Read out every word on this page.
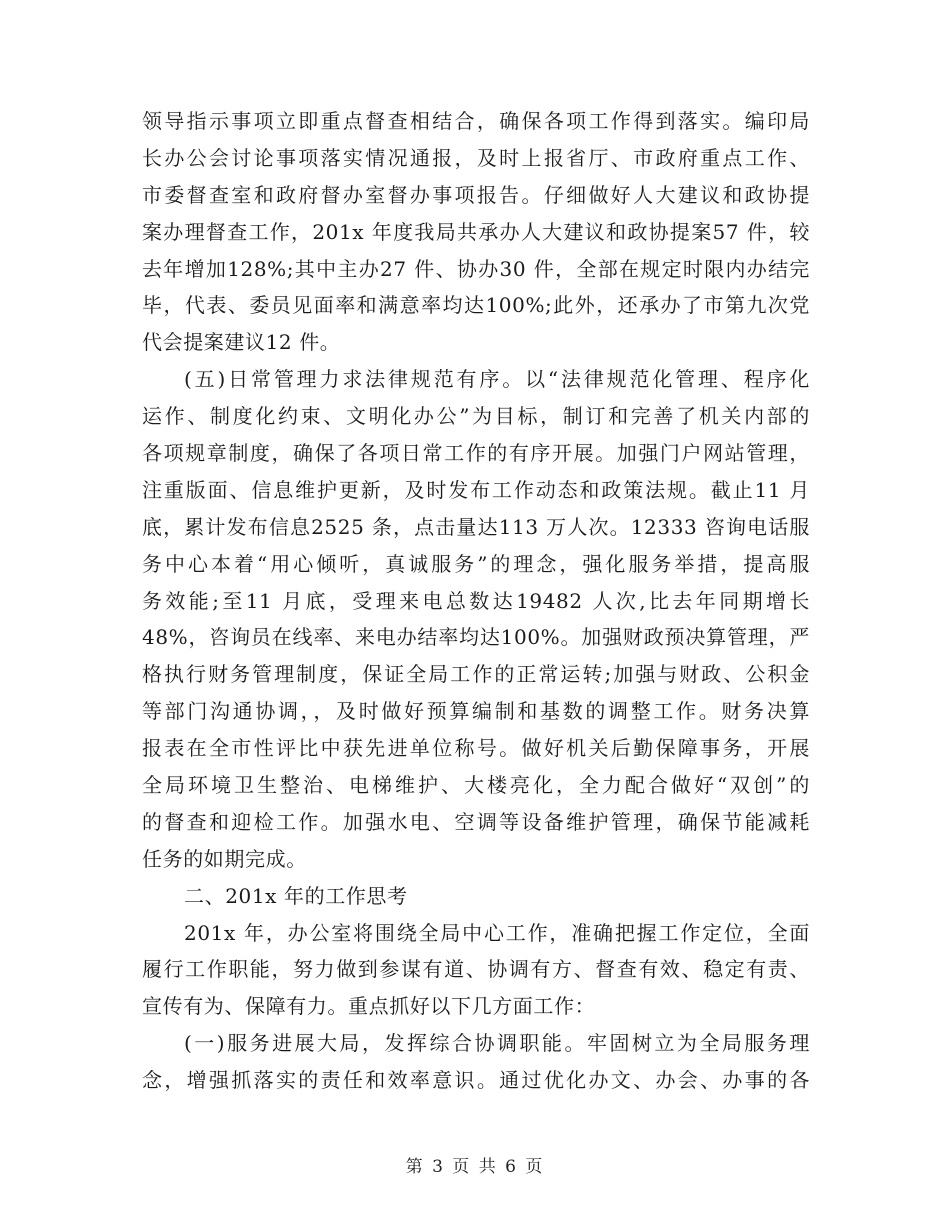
领导指示事项立即重点督查相结合，确保各项工作得到落实。编印局
长办公会讨论事项落实情况通报，及时上报省厅、市政府重点工作、
市委督查室和政府督办室督办事项报告。仔细做好人大建议和政协提
案办理督查工作，201x 年度我局共承办人大建议和政协提案57 件，较
去年增加128%;其中主办27 件、协办30 件，全部在规定时限内办结完
毕，代表、委员见面率和满意率均达100%;此外，还承办了市第九次党
代会提案建议12 件。
(五)日常管理力求法律规范有序。以“法律规范化管理、程序化
运作、制度化约束、文明化办公”为目标，制订和完善了机关内部的
各项规章制度，确保了各项日常工作的有序开展。加强门户网站管理，
注重版面、信息维护更新，及时发布工作动态和政策法规。截止11 月
底，累计发布信息2525 条，点击量达113 万人次。12333 咨询电话服
务中心本着“用心倾听，真诚服务”的理念，强化服务举措，提高服
务效能;至11 月底，受理来电总数达19482 人次,比去年同期增长
48%，咨询员在线率、来电办结率均达100%。加强财政预决算管理，严
格执行财务管理制度，保证全局工作的正常运转;加强与财政、公积金
等部门沟通协调，，及时做好预算编制和基数的调整工作。财务决算
报表在全市性评比中获先进单位称号。做好机关后勤保障事务，开展
全局环境卫生整治、电梯维护、大楼亮化，全力配合做好“双创”的
的督查和迎检工作。加强水电、空调等设备维护管理，确保节能减耗
任务的如期完成。
二、201x 年的工作思考
201x 年，办公室将围绕全局中心工作，准确把握工作定位，全面
履行工作职能，努力做到参谋有道、协调有方、督查有效、稳定有责、
宣传有为、保障有力。重点抓好以下几方面工作：
(一)服务进展大局，发挥综合协调职能。牢固树立为全局服务理
念，增强抓落实的责任和效率意识。通过优化办文、办会、办事的各
第 3 页 共 6 页
